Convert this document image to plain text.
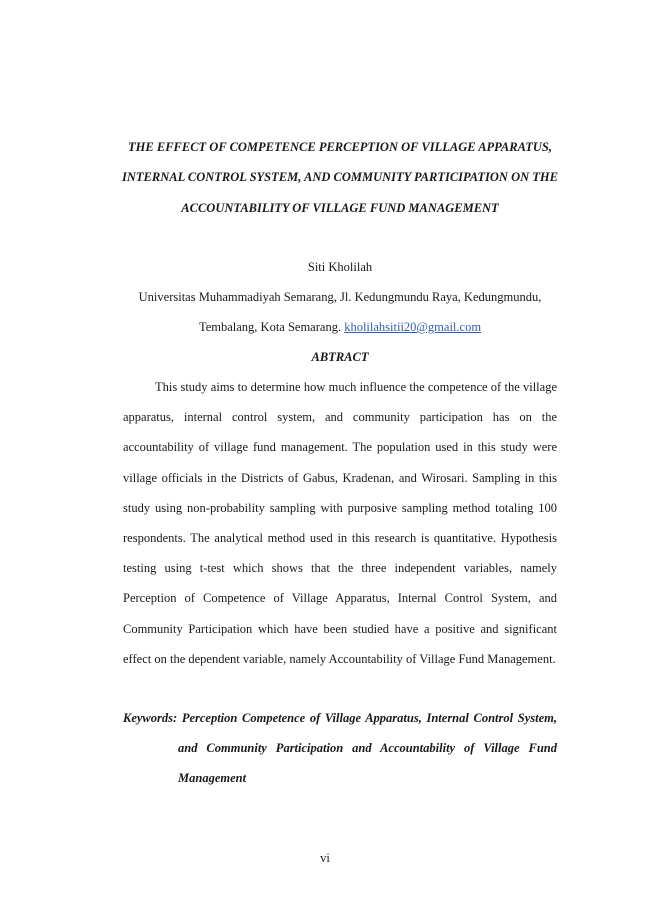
THE EFFECT OF COMPETENCE PERCEPTION OF VILLAGE APPARATUS, INTERNAL CONTROL SYSTEM, AND COMMUNITY PARTICIPATION ON THE ACCOUNTABILITY OF VILLAGE FUND MANAGEMENT

Siti Kholilah

Universitas Muhammadiyah Semarang, Jl. Kedungmundu Raya, Kedungmundu,

Tembalang, Kota Semarang. kholilahsitii20@gmail.com

ABTRACT

This study aims to determine how much influence the competence of the village apparatus, internal control system, and community participation has on the accountability of village fund management. The population used in this study were village officials in the Districts of Gabus, Kradenan, and Wirosari. Sampling in this study using non-probability sampling with purposive sampling method totaling 100 respondents. The analytical method used in this research is quantitative. Hypothesis testing using t-test which shows that the three independent variables, namely Perception of Competence of Village Apparatus, Internal Control System, and Community Participation which have been studied have a positive and significant effect on the dependent variable, namely Accountability of Village Fund Management.

Keywords: Perception Competence of Village Apparatus, Internal Control System, and Community Participation and Accountability of Village Fund Management

vi
